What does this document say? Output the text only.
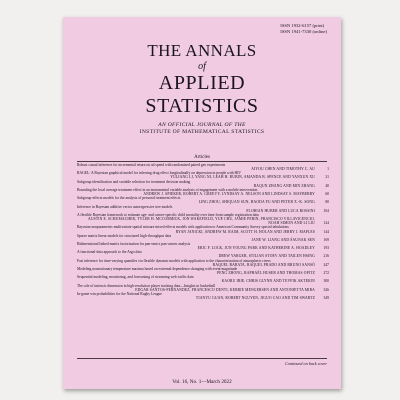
ISSN 1932-6157 (print)
ISSN 1941-7330 (online)
THE ANNALS
of
APPLIED
STATISTICS
AN OFFICIAL JOURNAL OF THE
INSTITUTE OF MATHEMATICAL STATISTICS
Articles
Robust causal inference for incremental return on ad spend with randomized paired geo experiments
AIYOU CHEN AND TIMOTHY C. AU	1
BAGEL: A Bayesian graphical model for inferring drug effect longitudinally on depression in people with HIV
YULIANG LI, YANG NI, LEAH H. RUBIN, AMANDA B. SPENCE AND YANXUN XU	21
Subgroup identification and variable selection for treatment decision making
BAQUN ZHANG AND MIN ZHANG	40
Bounding the local average treatment effect in an instrumental variable analysis of engagement with a mobile intervention
ANDREW J. SPIEKER, ROBERT A. GREEVY, LYNDSAY A. NELSON AND LINDSAY S. MAYBERRY	60
Subgroup-effects models for the analysis of personal treatment effects
LING ZHOU, SHIQUAN SUN, HAODA FU AND PETER X.-K. SONG	80
Inference in Bayesian additive vector autoregressive tree models
FLORIAN HUBER AND LUCA ROSSINI	104
A flexible Bayesian framework to estimate age- and cancer-specific child mortality over time from sample registration data
AUSTIN E. SCHUMACHER, TYLER H. MCCORMICK, JON WAKEFIELD, YUE CHU, JAMIE PERIN, FRANCISCO VILLAVICENCIO, NOAH SIMON AND LI LIU	124
Bayesian nonparametric multivariate spatial mixture mixed effects models with application to American Community Survey special tabulations
RYAN JANICKI, ANDREW M. RAIM, SCOTT H. HOLAN AND JERRY J. MAPLES	144
Sparse matrix linear models for structured high-throughput data
JANE W. LIANG AND ŚAUNAK SEN	169
Bidimensional linked matrix factorization for pan-omics pan-cancer analysis
ERIC F. LOCK, JUN YOUNG PARK AND KATHERINE A. HOADLEY	193
A functional-data approach to the Argo data
DREW YARGER, STILIAN STOEV AND TAILEN HSING	216
Fast inference for time-varying quantiles via flexible dynamic models with application to the characterization of atmospheric rivers
RAQUEL BARATA, RAQUEL PRADO AND BRUNO SANSÓ	247
Modeling nonstationary temperature maxima based on extremal dependence changing with event magnitude
PENG ZHONG, RAPHAËL HUSER AND THOMAS OPITZ	272
Sequential modeling, monitoring, and forecasting of streaming web traffic data
KAORU IRIE, CHRIS GLYNN AND TEVFIK AKTEKIN	300
The role of intrinsic dimension in high-resolution player tracking data—Insights in basketball
EDGAR SANTOS-FERNANDEZ, FRANCESCO DENTI, KERRIE MENGERSEN AND ANTONIETTA MIRA	326
In-game win probabilities for the National Rugby League
TIANYU GUAN, ROBERT NGUYEN, JIGUO CAO AND TIM SWARTZ	349
Continued on back cover
Vol. 16, No. 1—March 2022
